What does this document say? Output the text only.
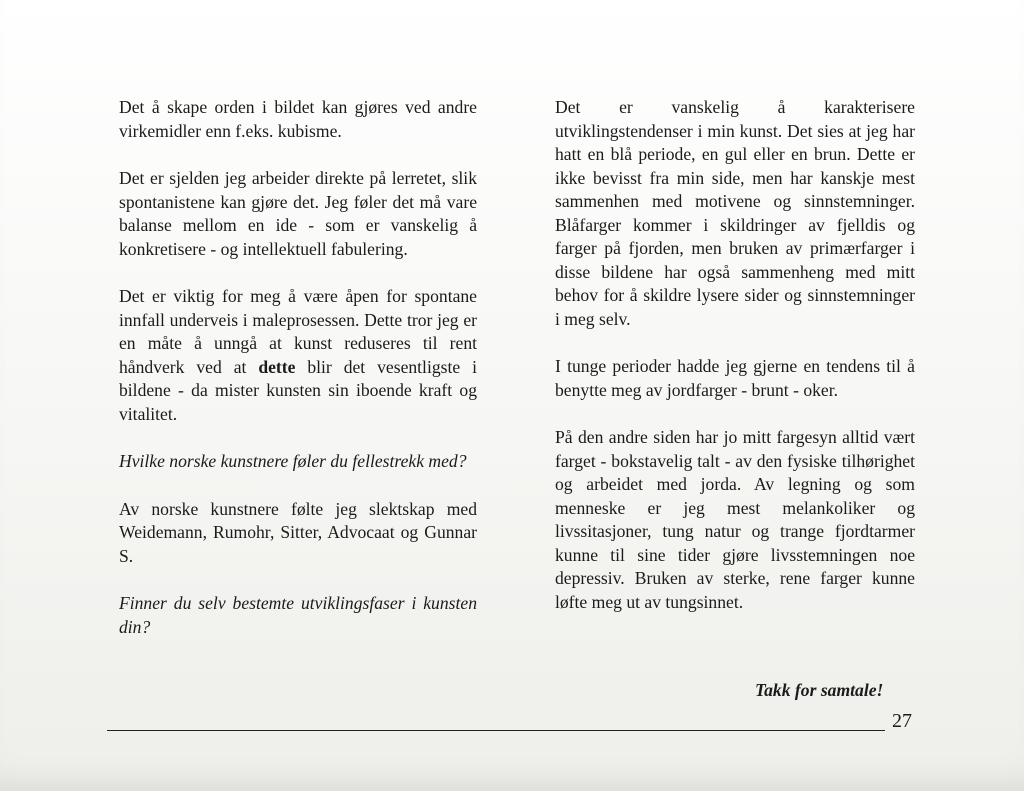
Det å skape orden i bildet kan gjøres ved andre virkemidler enn f.eks. kubisme.

Det er sjelden jeg arbeider direkte på lerretet, slik spontanistene kan gjøre det. Jeg føler det må vare balanse mellom en ide - som er vanskelig å konkretisere - og intellektuell fabulering.

Det er viktig for meg å være åpen for spontane innfall underveis i maleprosessen. Dette tror jeg er en måte å unngå at kunst reduseres til rent håndverk ved at dette blir det vesentligste i bildene - da mister kunsten sin iboende kraft og vitalitet.

Hvilke norske kunstnere føler du fellestrekk med?

Av norske kunstnere følte jeg slektskap med Weidemann, Rumohr, Sitter, Advocaat og Gunnar S.

Finner du selv bestemte utviklingsfaser i kunsten din?

Det er vanskelig å karakterisere utviklingstendenser i min kunst. Det sies at jeg har hatt en blå periode, en gul eller en brun. Dette er ikke bevisst fra min side, men har kanskje mest sammenhen med motivene og sinnstemninger. Blåfarger kommer i skildringer av fjelldis og farger på fjorden, men bruken av primærfarger i disse bildene har også sammenheng med mitt behov for å skildre lysere sider og sinnstemninger i meg selv.

I tunge perioder hadde jeg gjerne en tendens til å benytte meg av jordfarger - brunt - oker.

På den andre siden har jo mitt fargesyn alltid vært farget - bokstavelig talt - av den fysiske tilhørighet og arbeidet med jorda. Av legning og som menneske er jeg mest melankoliker og livssitasjoner, tung natur og trange fjordtarmer kunne til sine tider gjøre livsstemningen noe depressiv. Bruken av sterke, rene farger kunne løfte meg ut av tungsinnet.

Takk for samtale!
27
